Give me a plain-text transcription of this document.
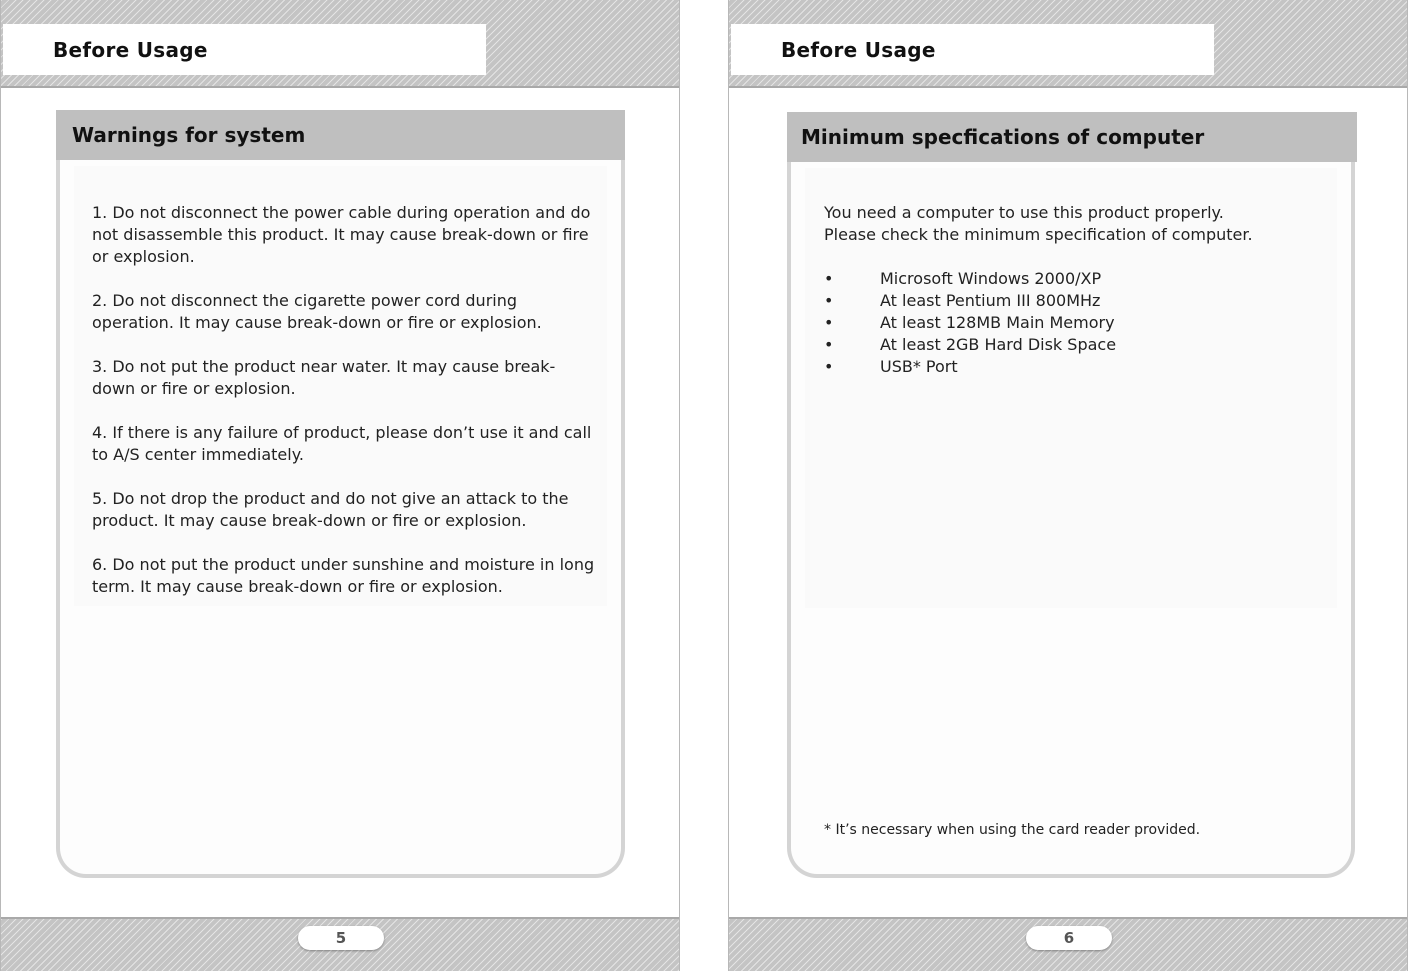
Before Usage
Warnings for system

1. Do not disconnect the power cable during operation and do not disassemble this product. It may cause break-down or fire or explosion.

2. Do not disconnect the cigarette power cord during operation. It may cause break-down or fire or explosion.

3. Do not put the product near water. It may cause break-down or fire or explosion.

4. If there is any failure of product, please don’t use it and call to A/S center immediately.

5. Do not drop the product and do not give an attack to the product. It may cause break-down or fire or explosion.

6. Do not put the product under sunshine and moisture in long term. It may cause break-down or fire or explosion.

5
Before Usage
Minimum specfications of computer

You need a computer to use this product properly.

Please check the minimum specification of computer.

•	Microsoft Windows 2000/XP
•	At least Pentium III 800MHz
•	At least 128MB Main Memory
•	At least 2GB Hard Disk Space
•	USB* Port
* It’s necessary when using the card reader provided.
6
